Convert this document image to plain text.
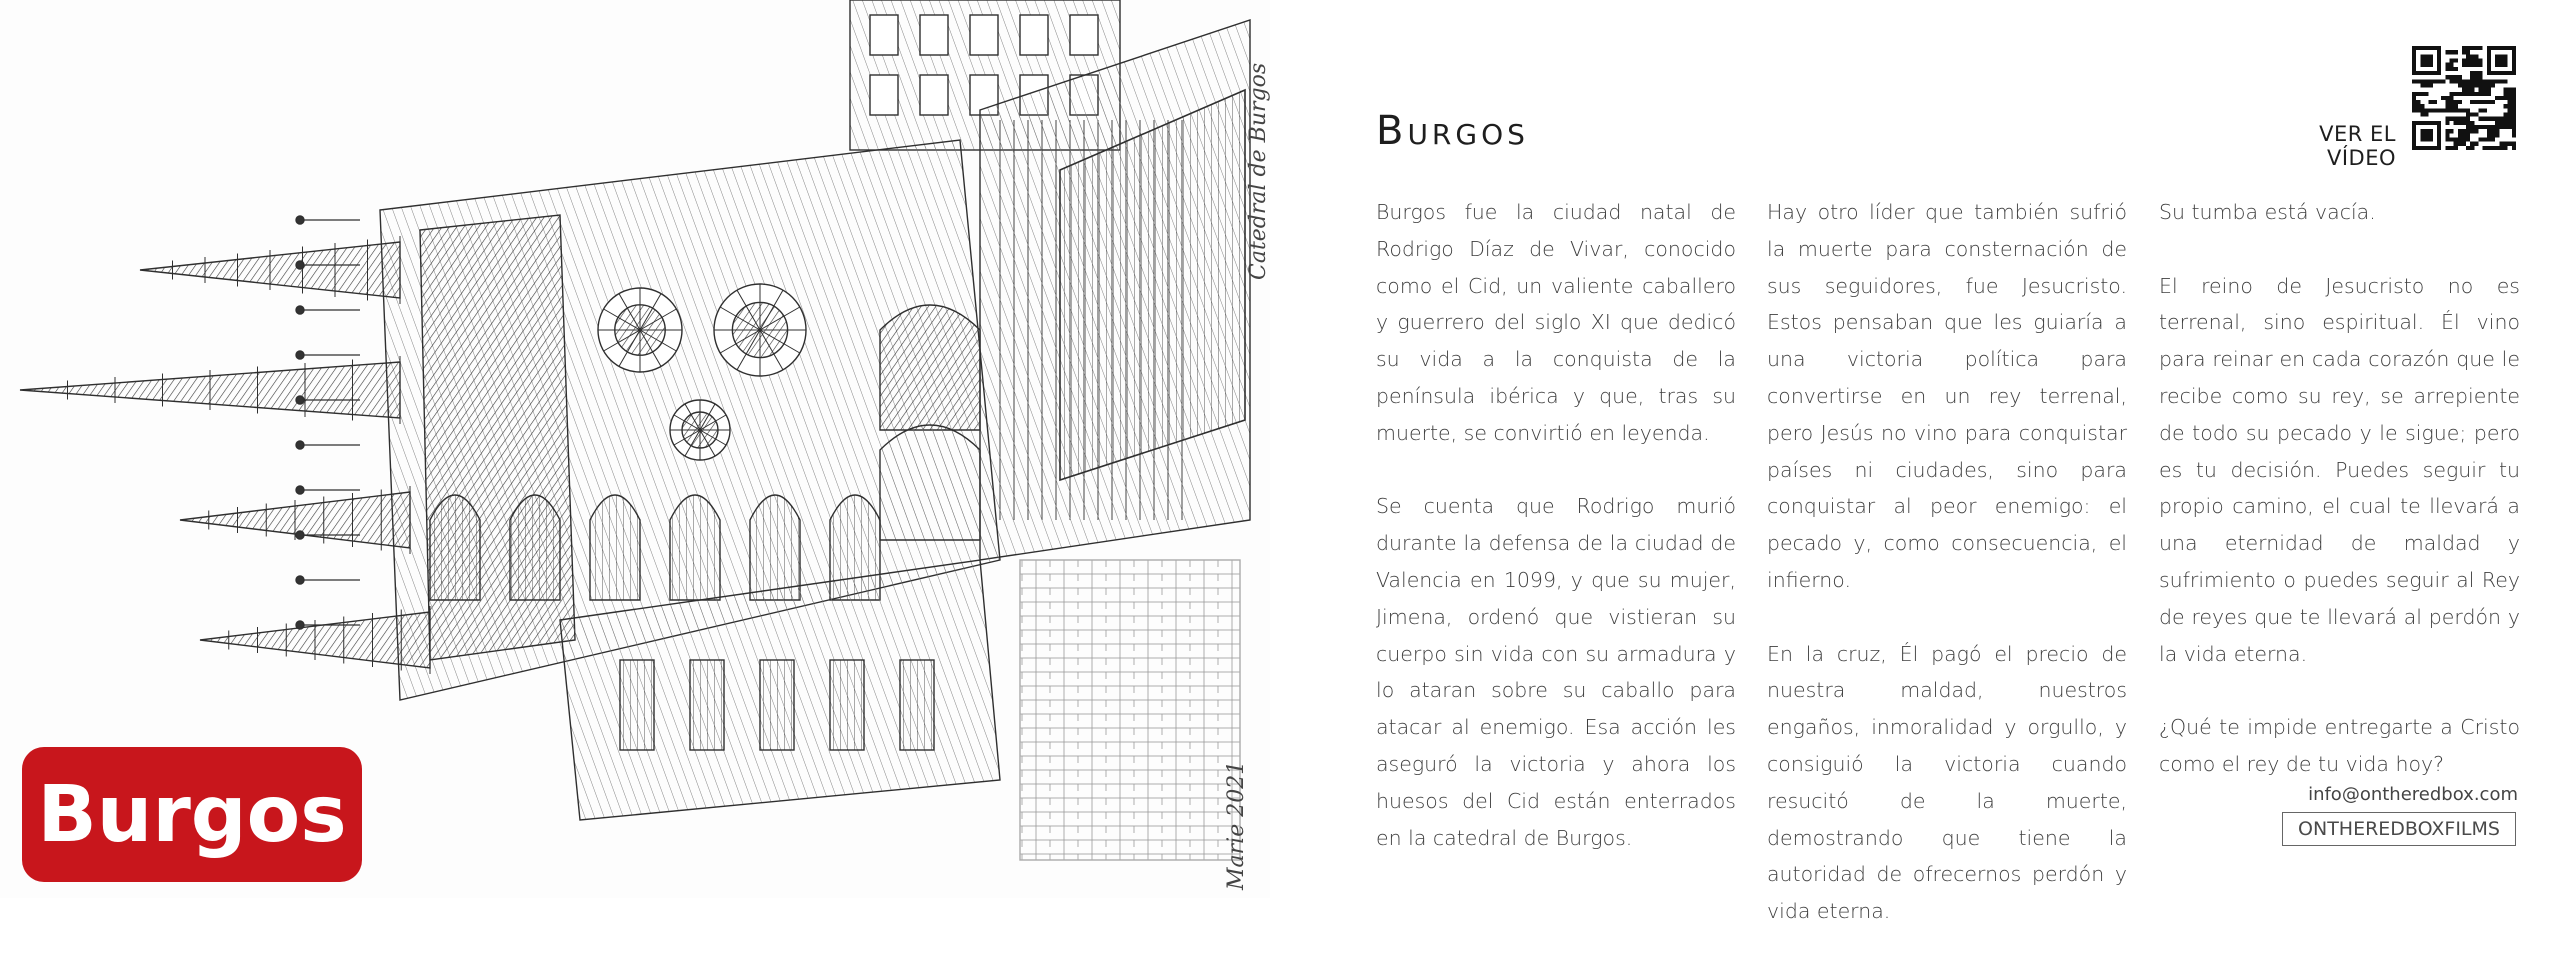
Burgos
Catedral de Burgos
Marie 2021
Burgos	VER EL VÍDEO

Burgos fue la ciudad natal de Rodrigo Díaz de Vivar, conocido como el Cid, un valiente caballero y guerrero del siglo XI que dedicó su vida a la conquista de la península ibérica y que, tras su muerte, se convirtió en leyenda.

Se cuenta que Rodrigo murió durante la defensa de la ciudad de Valencia en 1099, y que su mujer, Jimena, ordenó que vistieran su cuerpo sin vida con su armadura y lo ataran sobre su caballo para atacar al enemigo. Esa acción les aseguró la victoria y ahora los huesos del Cid están enterrados en la catedral de Burgos.

Hay otro líder que también sufrió la muerte para consternación de sus seguidores, fue Jesucristo. Estos pensaban que les guiaría a una victoria política para convertirse en un rey terrenal, pero Jesús no vino para conquistar países ni ciudades, sino para conquistar al peor enemigo: el pecado y, como consecuencia, el infierno.

En la cruz, Él pagó el precio de nuestra maldad, nuestros engaños, inmoralidad y orgullo, y consiguió la victoria cuando resucitó de la muerte, demostrando que tiene la autoridad de ofrecernos perdón y vida eterna.

Su tumba está vacía.

El reino de Jesucristo no es terrenal, sino espiritual. Él vino para reinar en cada corazón que le recibe como su rey, se arrepiente de todo su pecado y le sigue; pero es tu decisión. Puedes seguir tu propio camino, el cual te llevará a una eternidad de maldad y sufrimiento o puedes seguir al Rey de reyes que te llevará al perdón y la vida eterna.

¿Qué te impide entregarte a Cristo como el rey de tu vida hoy?

info@ontheredbox.com
ONTHEREDBOXFILMS
